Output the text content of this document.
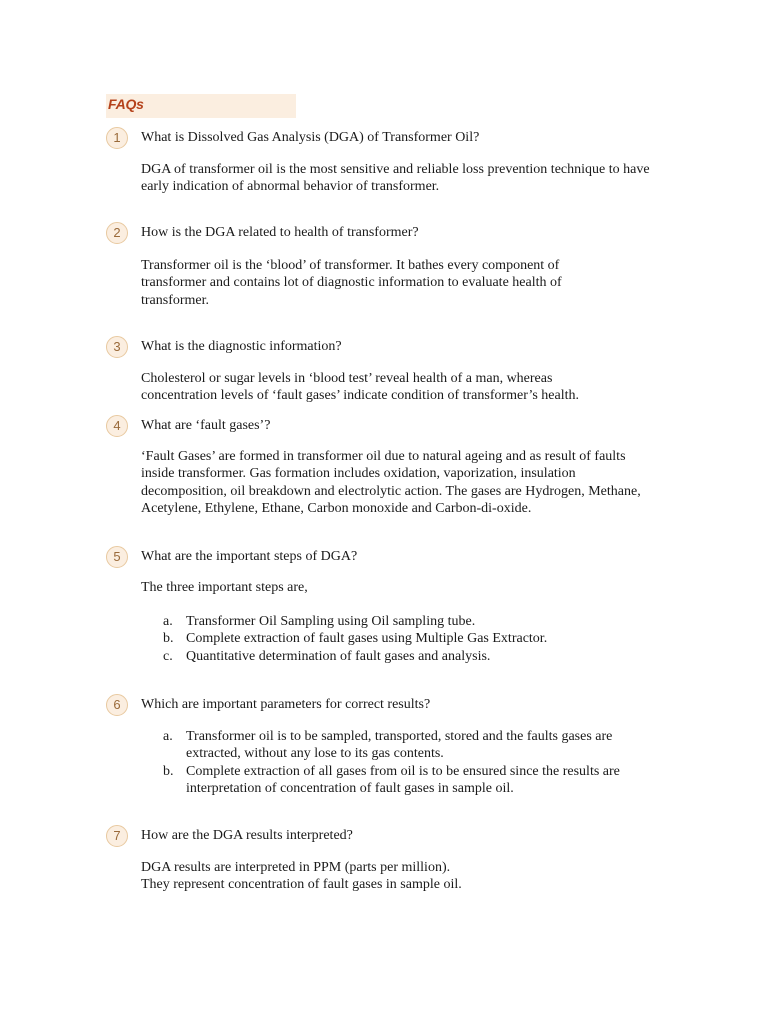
FAQs
1	What is Dissolved Gas Analysis (DGA) of Transformer Oil?

DGA of transformer oil is the most sensitive and reliable loss prevention technique to have early indication of abnormal behavior of transformer.

2	How is the DGA related to health of transformer?

Transformer oil is the ‘blood’ of transformer. It bathes every component of transformer and contains lot of diagnostic information to evaluate health of transformer.

3	What is the diagnostic information?

Cholesterol or sugar levels in ‘blood test’ reveal health of a man, whereas concentration levels of ‘fault gases’ indicate condition of transformer’s health.

4	What are ‘fault gases’?

‘Fault Gases’ are formed in transformer oil due to natural ageing and as result of faults inside transformer. Gas formation includes oxidation, vaporization, insulation decomposition, oil breakdown and electrolytic action. The gases are Hydrogen, Methane, Acetylene, Ethylene, Ethane, Carbon monoxide and Carbon-di-oxide.

5	What are the important steps of DGA?

The three important steps are,

a. Transformer Oil Sampling using Oil sampling tube.
b. Complete extraction of fault gases using Multiple Gas Extractor.
c. Quantitative determination of fault gases and analysis.
6	Which are important parameters for correct results?
a. Transformer oil is to be sampled, transported, stored and the faults gases are extracted, without any lose to its gas contents.
b. Complete extraction of all gases from oil is to be ensured since the results are interpretation of concentration of fault gases in sample oil.
7	How are the DGA results interpreted?

DGA results are interpreted in PPM (parts per million).

They represent concentration of fault gases in sample oil.
